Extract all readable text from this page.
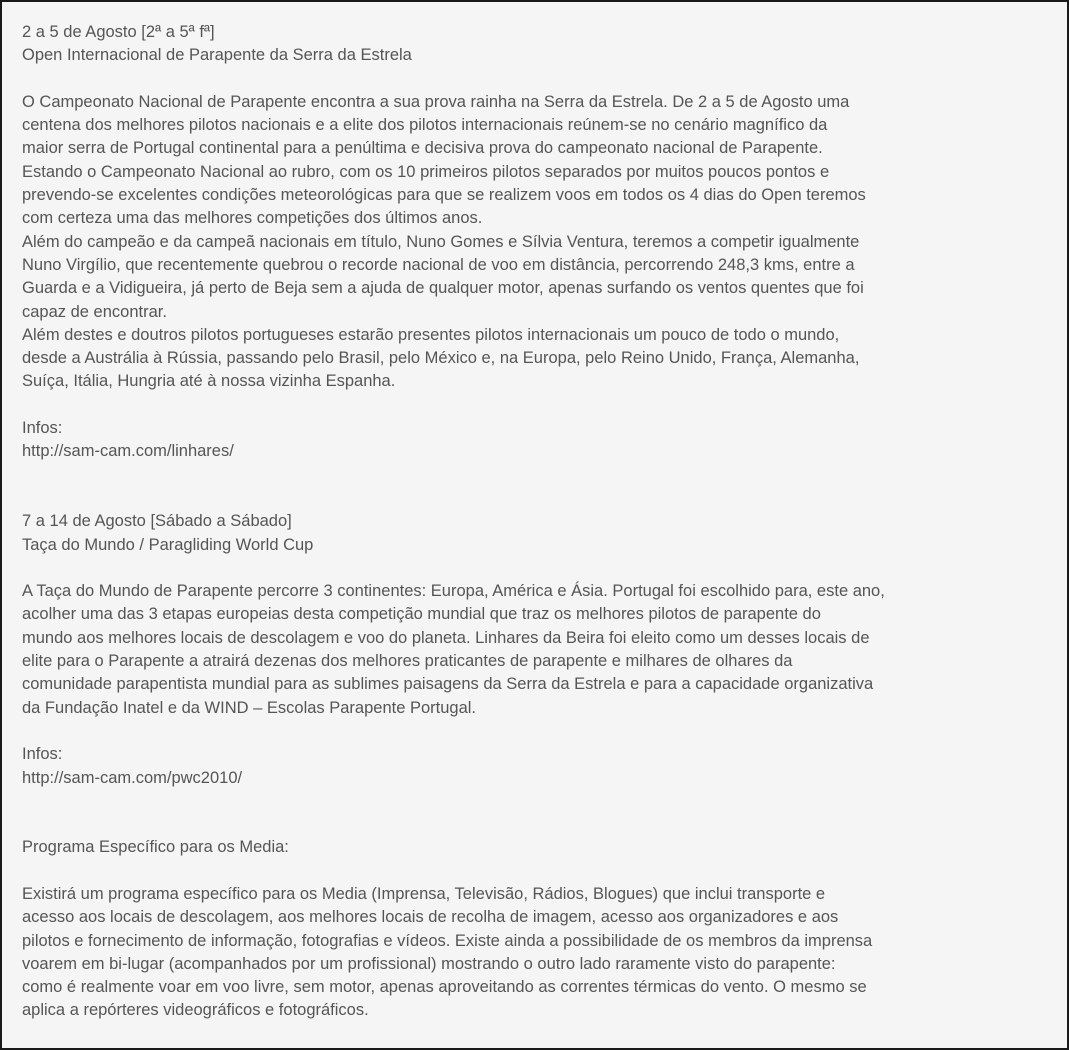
2 a 5 de Agosto [2ª a 5ª fª]
Open Internacional de Parapente da Serra da Estrela
O Campeonato Nacional de Parapente encontra a sua prova rainha na Serra da Estrela. De 2 a 5 de Agosto uma
centena dos melhores pilotos nacionais e a elite dos pilotos internacionais reúnem-se no cenário magnífico da
maior serra de Portugal continental para a penúltima e decisiva prova do campeonato nacional de Parapente.
Estando o Campeonato Nacional ao rubro, com os 10 primeiros pilotos separados por muitos poucos pontos e
prevendo-se excelentes condições meteorológicas para que se realizem voos em todos os 4 dias do Open teremos
com certeza uma das melhores competições dos últimos anos.
Além do campeão e da campeã nacionais em título, Nuno Gomes e Sílvia Ventura, teremos a competir igualmente
Nuno Virgílio, que recentemente quebrou o recorde nacional de voo em distância, percorrendo 248,3 kms, entre a
Guarda e a Vidigueira, já perto de Beja sem a ajuda de qualquer motor, apenas surfando os ventos quentes que foi
capaz de encontrar.
Além destes e doutros pilotos portugueses estarão presentes pilotos internacionais um pouco de todo o mundo,
desde a Austrália à Rússia, passando pelo Brasil, pelo México e, na Europa, pelo Reino Unido, França, Alemanha,
Suíça, Itália, Hungria até à nossa vizinha Espanha.
Infos:
http://sam-cam.com/linhares/
7 a 14 de Agosto [Sábado a Sábado]
Taça do Mundo / Paragliding World Cup
A Taça do Mundo de Parapente percorre 3 continentes: Europa, América e Ásia. Portugal foi escolhido para, este ano,
acolher uma das 3 etapas europeias desta competição mundial que traz os melhores pilotos de parapente do
mundo aos melhores locais de descolagem e voo do planeta. Linhares da Beira foi eleito como um desses locais de
elite para o Parapente a atrairá dezenas dos melhores praticantes de parapente e milhares de olhares da
comunidade parapentista mundial para as sublimes paisagens da Serra da Estrela e para a capacidade organizativa
da Fundação Inatel e da WIND – Escolas Parapente Portugal.
Infos:
http://sam-cam.com/pwc2010/
Programa Específico para os Media:
Existirá um programa específico para os Media (Imprensa, Televisão, Rádios, Blogues) que inclui transporte e
acesso aos locais de descolagem, aos melhores locais de recolha de imagem, acesso aos organizadores e aos
pilotos e fornecimento de informação, fotografias e vídeos. Existe ainda a possibilidade de os membros da imprensa
voarem em bi-lugar (acompanhados por um profissional) mostrando o outro lado raramente visto do parapente:
como é realmente voar em voo livre, sem motor, apenas aproveitando as correntes térmicas do vento. O mesmo se
aplica a repórteres videográficos e fotográficos.
